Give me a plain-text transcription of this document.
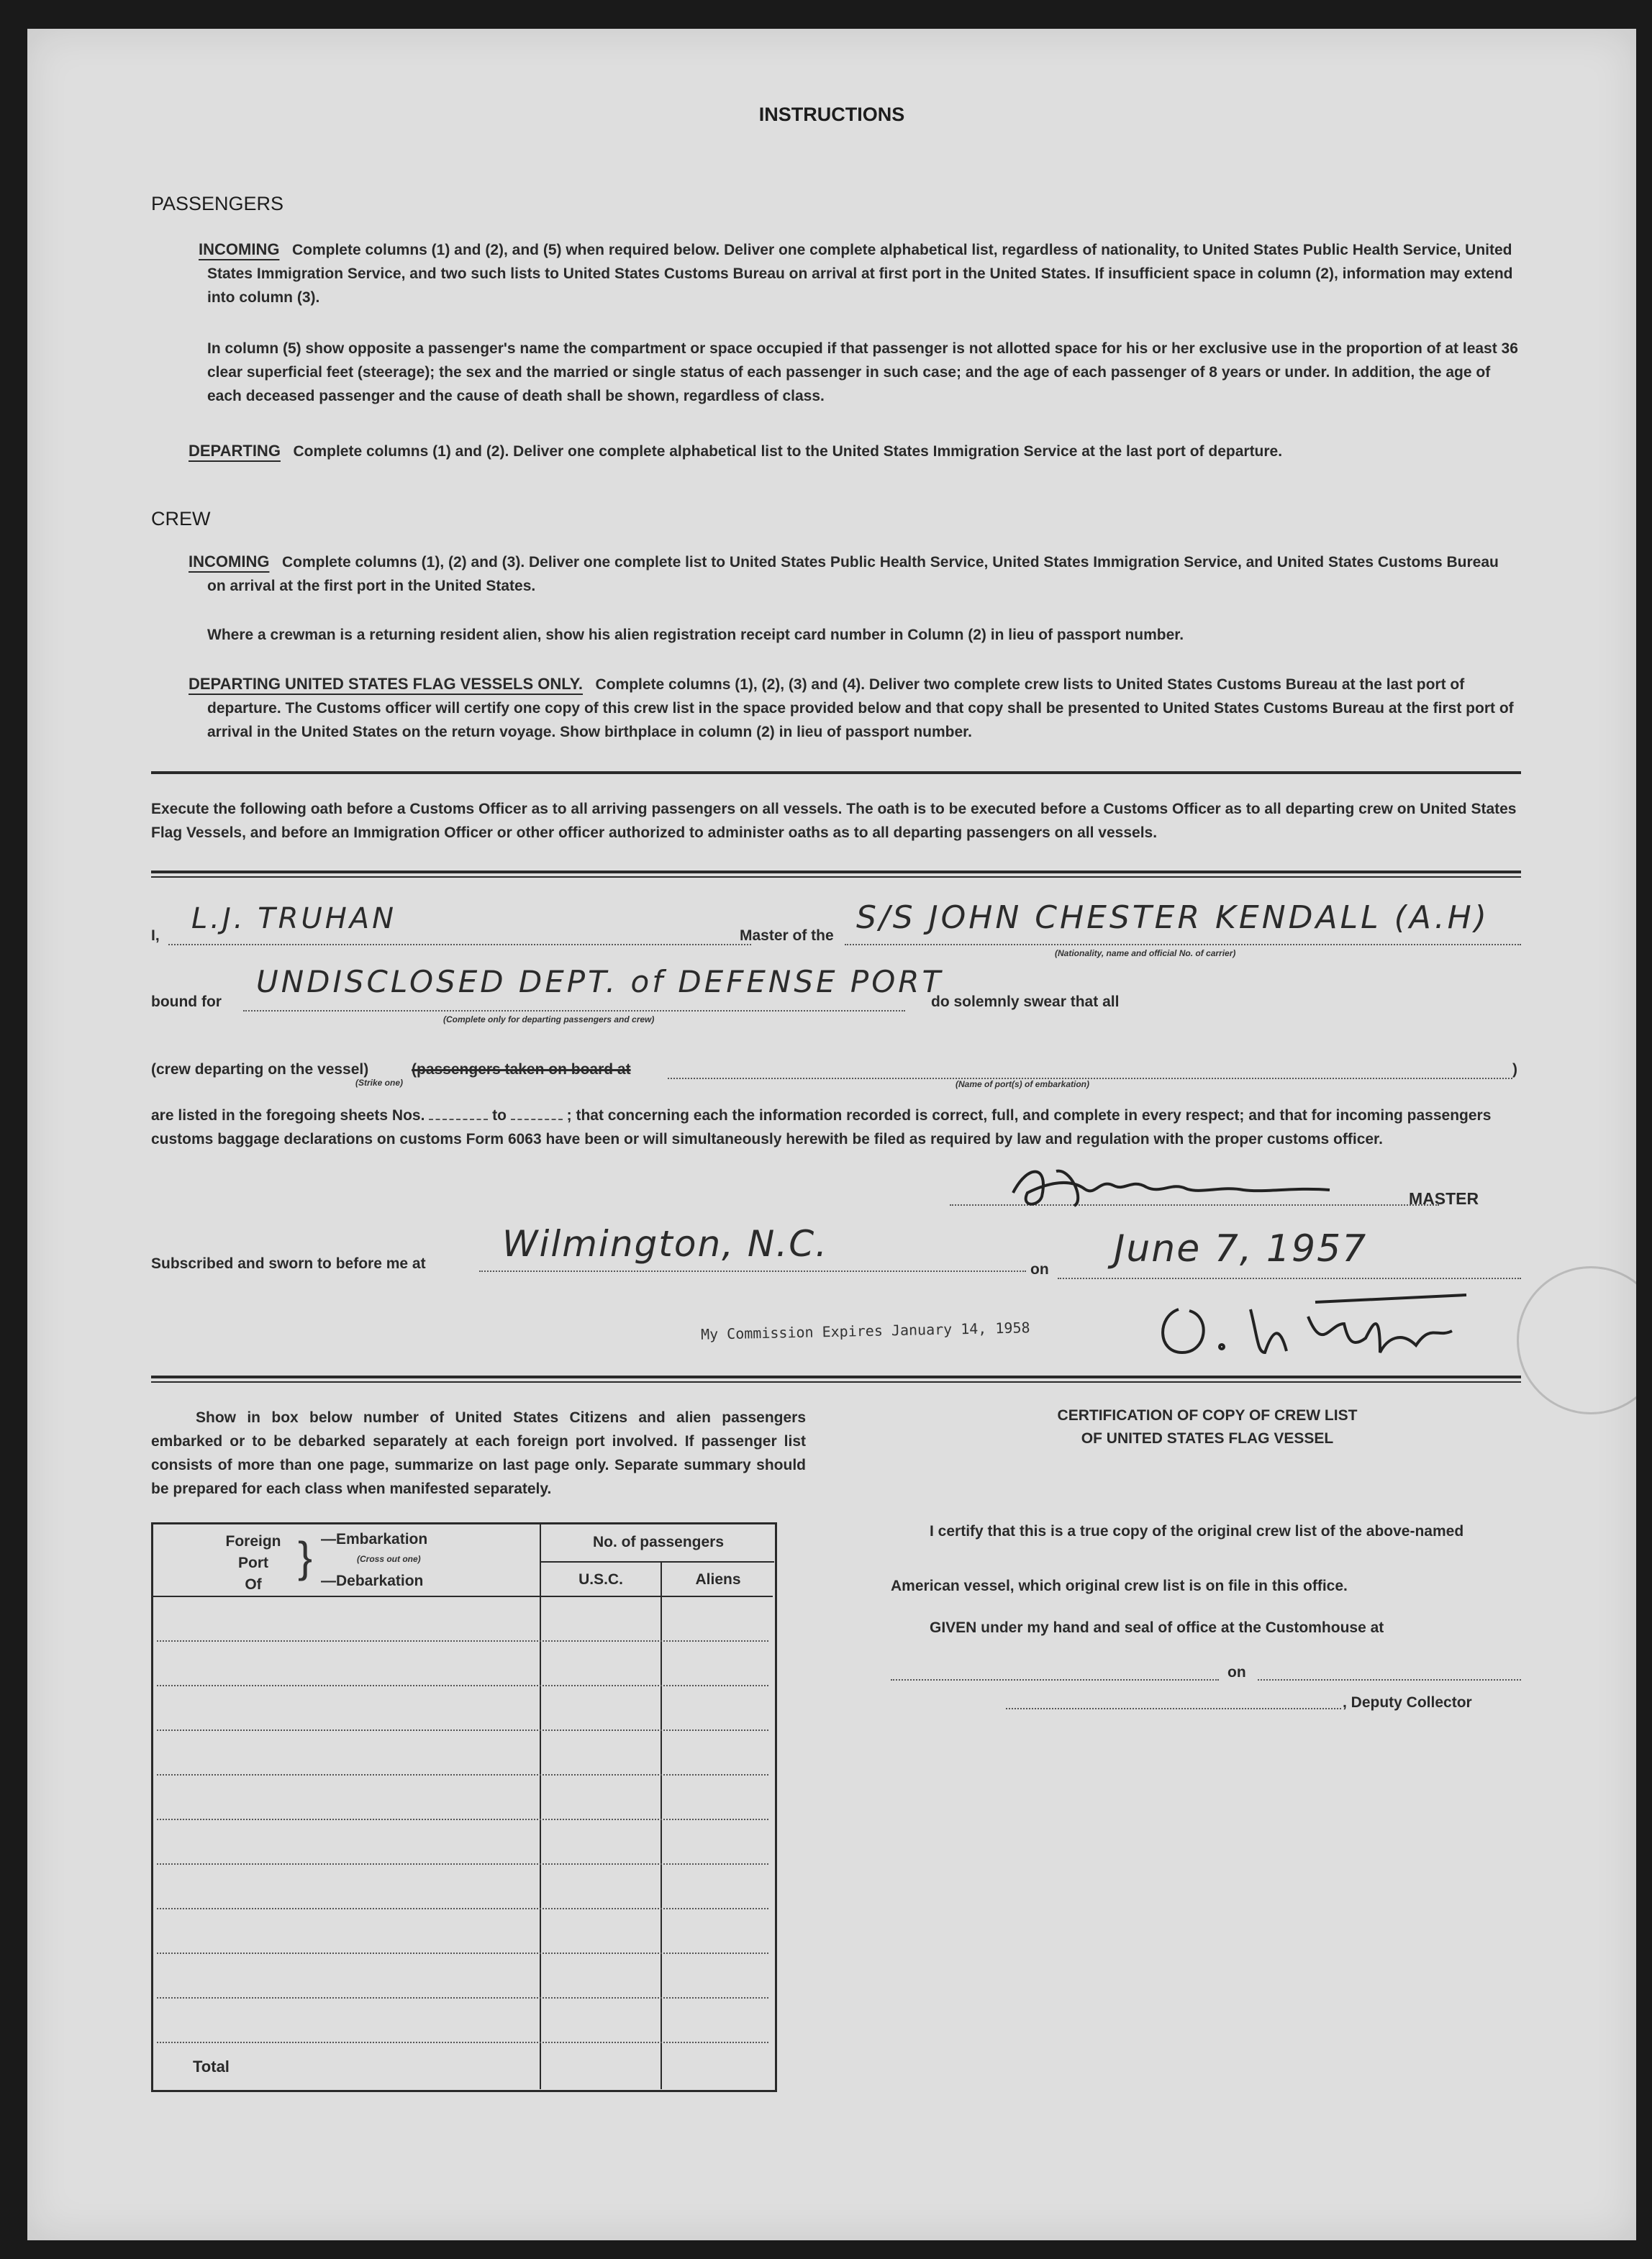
INSTRUCTIONS
PASSENGERS
INCOMING Complete columns (1) and (2), and (5) when required below. Deliver one complete alphabetical list, regardless of nationality, to United States Public Health Service, United States Immigration Service, and two such lists to United States Customs Bureau on arrival at first port in the United States. If insufficient space in column (2), information may extend into column (3).
In column (5) show opposite a passenger's name the compartment or space occupied if that passenger is not allotted space for his or her exclusive use in the proportion of at least 36 clear superficial feet (steerage); the sex and the married or single status of each passenger in such case; and the age of each passenger of 8 years or under. In addition, the age of each deceased passenger and the cause of death shall be shown, regardless of class.
DEPARTING Complete columns (1) and (2). Deliver one complete alphabetical list to the United States Immigration Service at the last port of departure.
CREW
INCOMING Complete columns (1), (2) and (3). Deliver one complete list to United States Public Health Service, United States Immigration Service, and United States Customs Bureau on arrival at the first port in the United States.
Where a crewman is a returning resident alien, show his alien registration receipt card number in Column (2) in lieu of passport number.
DEPARTING UNITED STATES FLAG VESSELS ONLY. Complete columns (1), (2), (3) and (4). Deliver two complete crew lists to United States Customs Bureau at the last port of departure. The Customs officer will certify one copy of this crew list in the space provided below and that copy shall be presented to United States Customs Bureau at the first port of arrival in the United States on the return voyage. Show birthplace in column (2) in lieu of passport number.
Execute the following oath before a Customs Officer as to all arriving passengers on all vessels. The oath is to be executed before a Customs Officer as to all departing crew on United States Flag Vessels, and before an Immigration Officer or other officer authorized to administer oaths as to all departing passengers on all vessels.
I,
L.J. TRUHAN
Master of the S/S JOHN CHESTER KENDALL (A.H)
(Nationality, name and official No. of carrier)
bound for
UNDISCLOSED DEPT. of DEFENSE PORT
(Complete only for departing passengers and crew)
do solemnly swear that all
(crew departing on the vessel)	(passengers taken on board at
(Strike one)	(Name of port(s) of embarkation)
)
are listed in the foregoing sheets Nos.	to	; that concerning each the information recorded is correct, full, and complete in every respect; and that for incoming passengers customs baggage declarations on customs Form 6063 have been or will simultaneously herewith be filed as required by law and regulation with the proper customs officer.
MASTER
Subscribed and sworn to before me at Wilmington, N.C.
on June 7, 1957
My Commission Expires January 14, 1958
Show in box below number of United States Citizens and alien passengers embarked or to be debarked separately at each foreign port involved. If passenger list consists of more than one page, summarize on last page only. Separate summary should be prepared for each class when manifested separately.
Foreign
Port
Of
} —Embarkation
(Cross out one)
—Debarkation
No. of passengers
U.S.C.	Aliens
Total
CERTIFICATION OF COPY OF CREW LIST
OF UNITED STATES FLAG VESSEL
I certify that this is a true copy of the original crew list of the above-named
American vessel, which original crew list is on file in this office.
GIVEN under my hand and seal of office at the Customhouse at
on
, Deputy Collector
